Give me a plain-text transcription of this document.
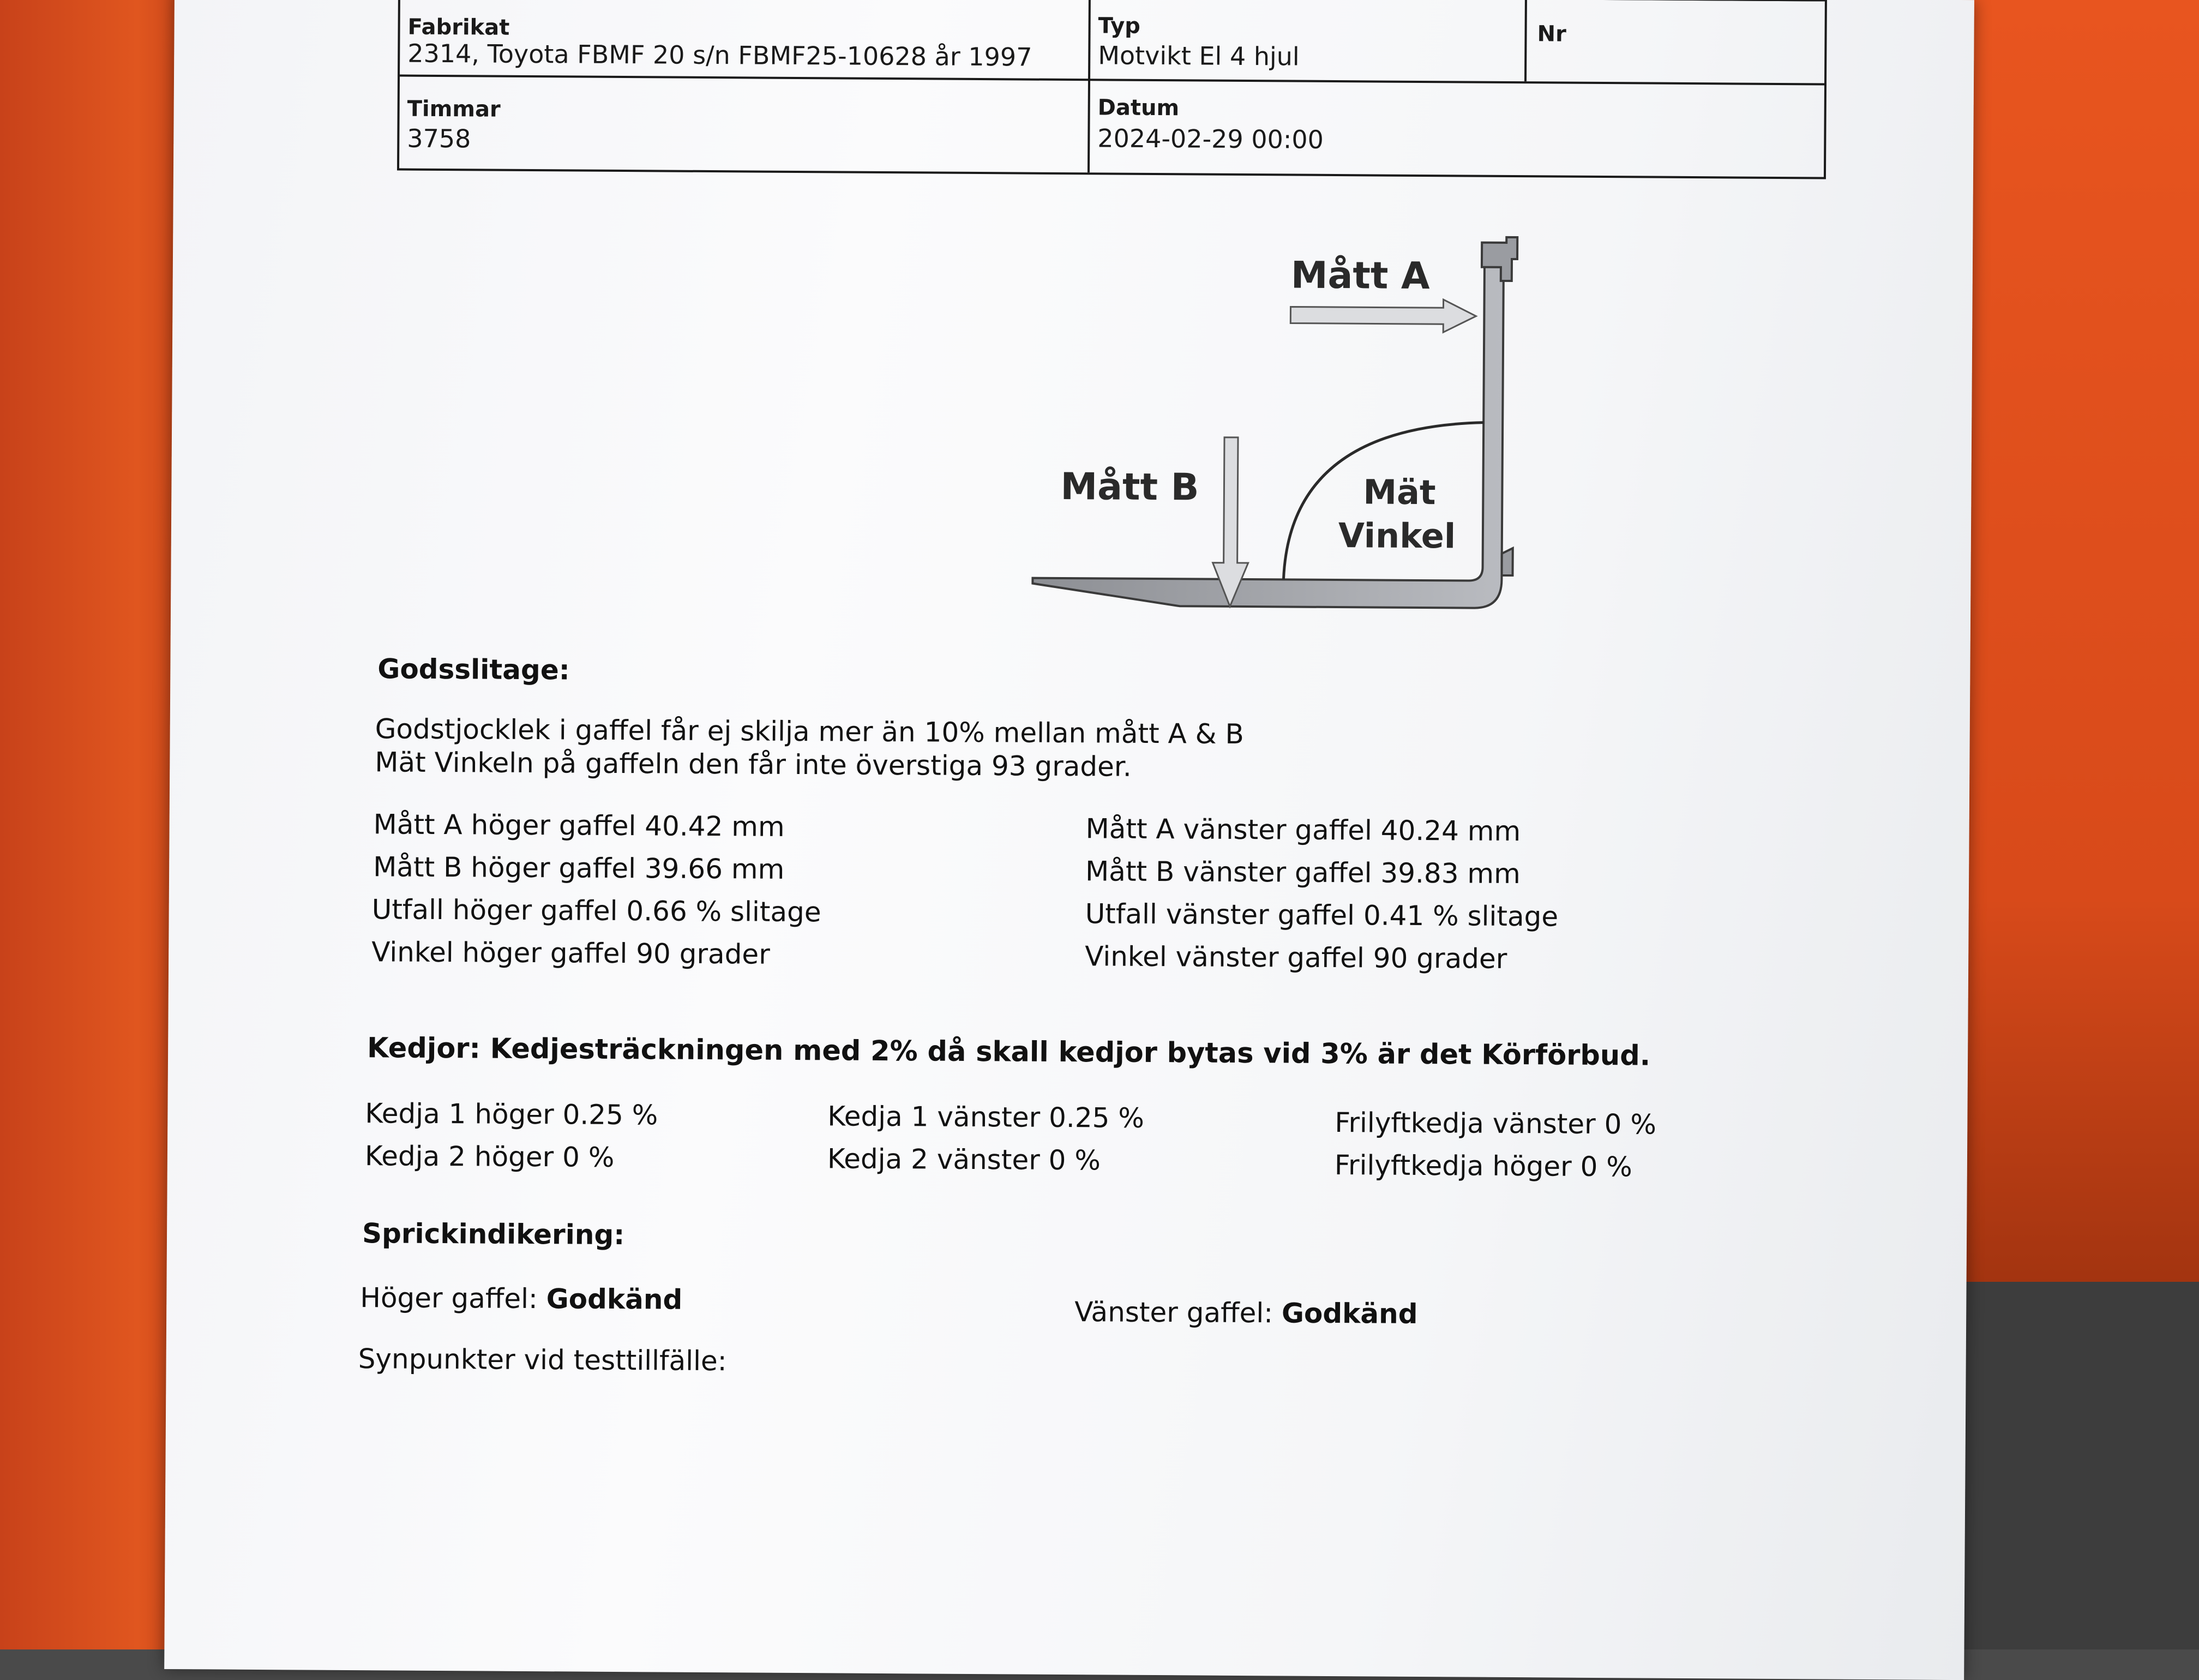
Fabrikat
2314, Toyota FBMF 20 s/n FBMF25-10628 år 1997
Typ
Motvikt El 4 hjul
Nr
Timmar
3758
Datum
2024-02-29 00:00
Mått A
Mått B	Mät
Vinkel
Godsslitage:
Godstjocklek i gaffel får ej skilja mer än 10% mellan mått A & B
Mät Vinkeln på gaffeln den får inte överstiga 93 grader.
Mått A höger gaffel 40.42 mm
Mått B höger gaffel 39.66 mm
Utfall höger gaffel 0.66 % slitage
Vinkel höger gaffel 90 grader
Mått A vänster gaffel 40.24 mm
Mått B vänster gaffel 39.83 mm
Utfall vänster gaffel 0.41 % slitage
Vinkel vänster gaffel 90 grader
Kedjor: Kedjesträckningen med 2% då skall kedjor bytas vid 3% är det Körförbud.
Kedja 1 höger 0.25 %
Kedja 2 höger 0 %
Kedja 1 vänster 0.25 %
Kedja 2 vänster 0 %
Frilyftkedja vänster 0 %
Frilyftkedja höger 0 %
Sprickindikering:
Höger gaffel: Godkänd	Vänster gaffel: Godkänd
Synpunkter vid testtillfälle:
